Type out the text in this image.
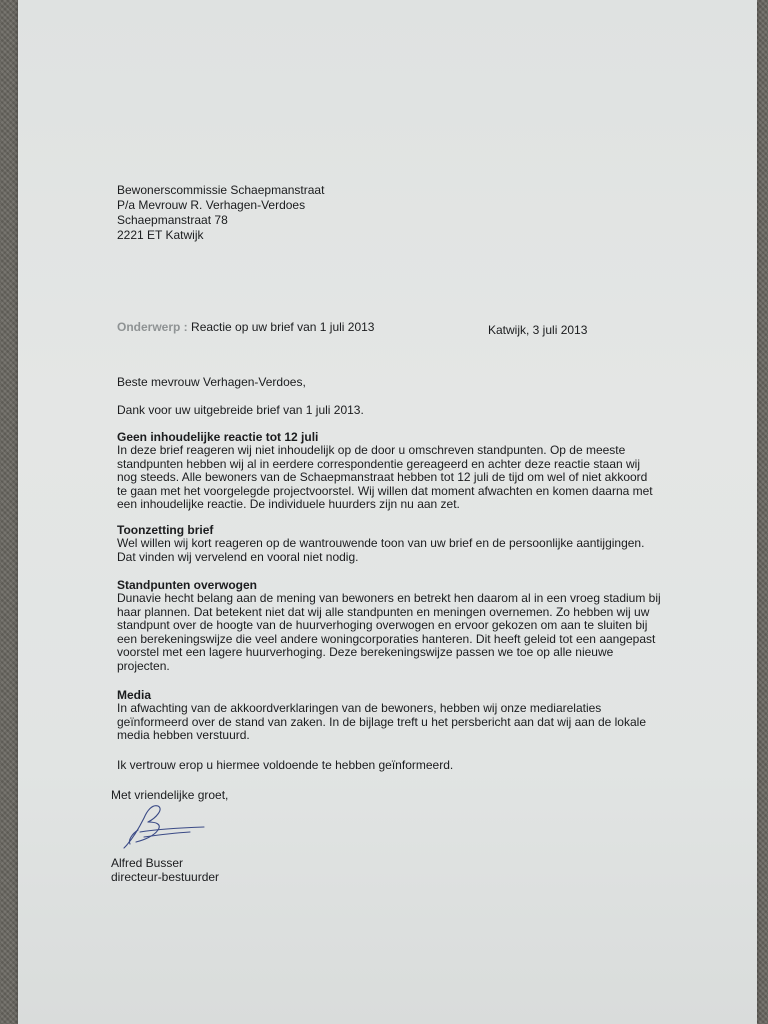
Bewonerscommissie Schaepmanstraat
P/a Mevrouw R. Verhagen-Verdoes
Schaepmanstraat 78
2221 ET Katwijk
Onderwerp : Reactie op uw brief van 1 juli 2013	Katwijk, 3 juli 2013
Beste mevrouw Verhagen-Verdoes,
Dank voor uw uitgebreide brief van 1 juli 2013.
Geen inhoudelijke reactie tot 12 juli

In deze brief reageren wij niet inhoudelijk op de door u omschreven standpunten. Op de meeste

standpunten hebben wij al in eerdere correspondentie gereageerd en achter deze reactie staan wij

nog steeds. Alle bewoners van de Schaepmanstraat hebben tot 12 juli de tijd om wel of niet akkoord

te gaan met het voorgelegde projectvoorstel. Wij willen dat moment afwachten en komen daarna met

een inhoudelijke reactie. De individuele huurders zijn nu aan zet.

Toonzetting brief

Wel willen wij kort reageren op de wantrouwende toon van uw brief en de persoonlijke aantijgingen.

Dat vinden wij vervelend en vooral niet nodig.

Standpunten overwogen

Dunavie hecht belang aan de mening van bewoners en betrekt hen daarom al in een vroeg stadium bij

haar plannen. Dat betekent niet dat wij alle standpunten en meningen overnemen. Zo hebben wij uw

standpunt over de hoogte van de huurverhoging overwogen en ervoor gekozen om aan te sluiten bij

een berekeningswijze die veel andere woningcorporaties hanteren. Dit heeft geleid tot een aangepast

voorstel met een lagere huurverhoging. Deze berekeningswijze passen we toe op alle nieuwe

projecten.

Media

In afwachting van de akkoordverklaringen van de bewoners, hebben wij onze mediarelaties

geïnformeerd over de stand van zaken. In de bijlage treft u het persbericht aan dat wij aan de lokale

media hebben verstuurd.

Ik vertrouw erop u hiermee voldoende te hebben geïnformeerd.
Met vriendelijke groet,
Alfred Busser
directeur-bestuurder
